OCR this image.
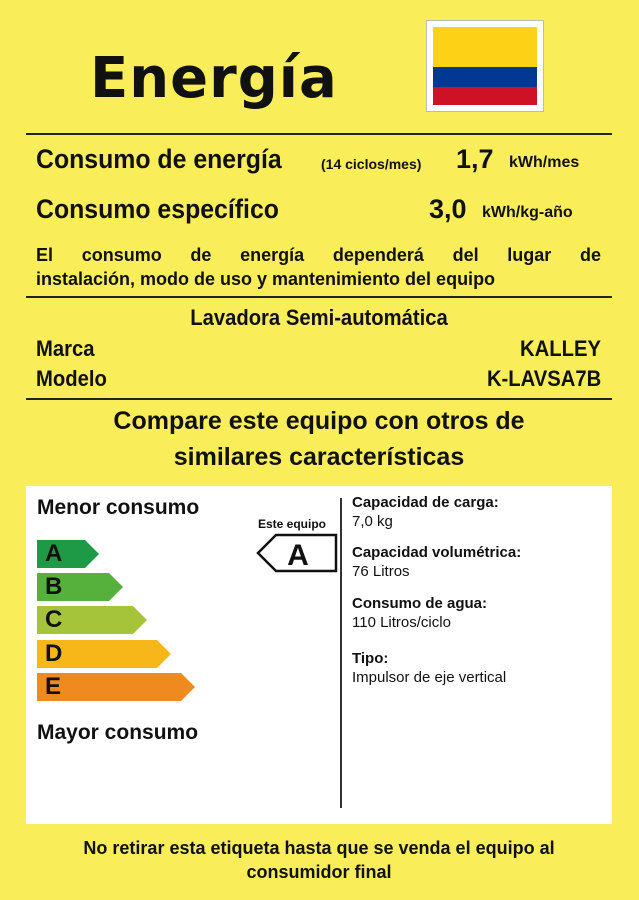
Energía
Consumo de energía	(14 ciclos/mes) 1,7 kWh/mes
Consumo específico	3,0 kWh/kg-año
El consumo de energía dependerá del lugar de
instalación, modo de uso y mantenimiento del equipo
Lavadora Semi-automática
Marca	KALLEY
Modelo	K-LAVSA7B
Compare este equipo con otros de
similares características
Menor consumo
A
B
C
D
E
Mayor consumo
Este equipo
A
Capacidad de carga:
7,0 kg
Capacidad volumétrica:
76 Litros
Consumo de agua:
110 Litros/ciclo
Tipo:
Impulsor de eje vertical
No retirar esta etiqueta hasta que se venda el equipo al
consumidor final
